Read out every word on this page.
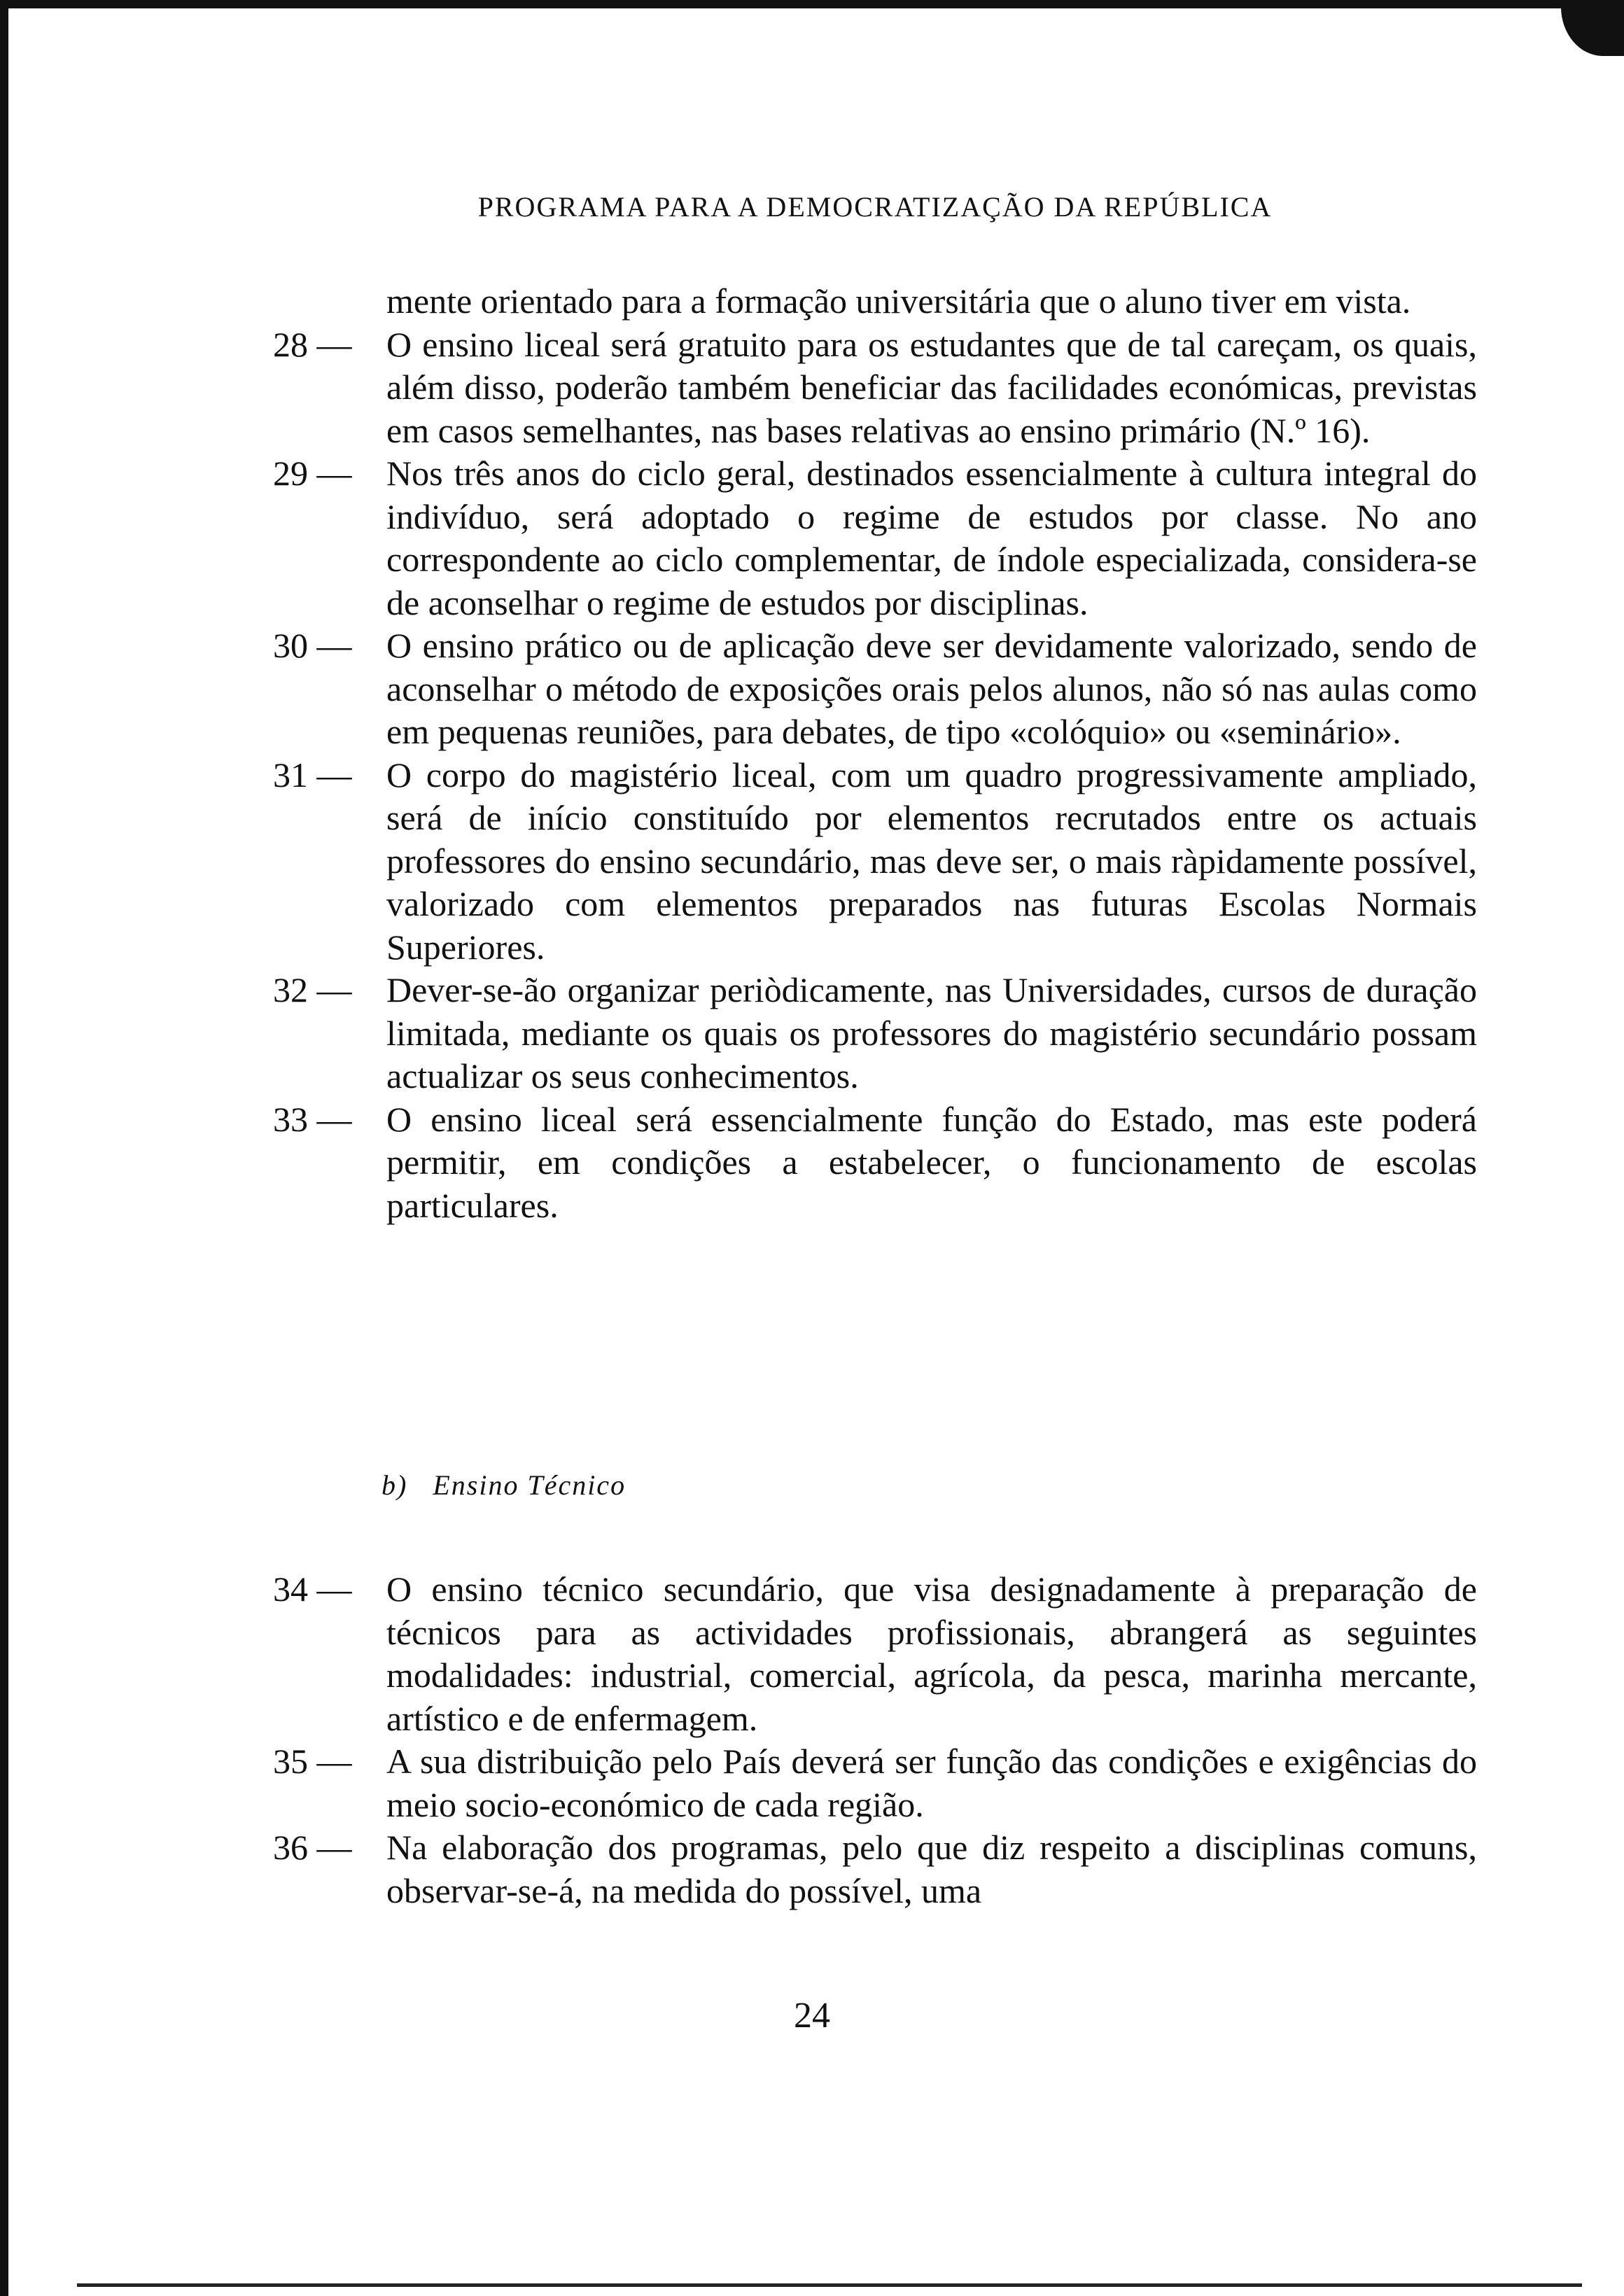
PROGRAMA PARA A DEMOCRATIZAÇÃO DA REPÚBLICA
mente orientado para a formação universitária que o aluno tiver em vista.
28 — O ensino liceal será gratuito para os estudantes que de tal careçam, os quais, além disso, poderão também beneficiar das facilidades económicas, previstas em casos semelhantes, nas bases relativas ao ensino primário (N.º 16).
29 — Nos três anos do ciclo geral, destinados essencialmente à cultura integral do indivíduo, será adoptado o regime de estudos por classe. No ano correspondente ao ciclo complementar, de índole especializada, considera-se de aconselhar o regime de estudos por disciplinas.
30 — O ensino prático ou de aplicação deve ser devidamente valorizado, sendo de aconselhar o método de exposições orais pelos alunos, não só nas aulas como em pequenas reuniões, para debates, de tipo «colóquio» ou «seminário».
31 — O corpo do magistério liceal, com um quadro progressivamente ampliado, será de início constituído por elementos recrutados entre os actuais professores do ensino secundário, mas deve ser, o mais ràpidamente possível, valorizado com elementos preparados nas futuras Escolas Normais Superiores.
32 — Dever-se-ão organizar periòdicamente, nas Universidades, cursos de duração limitada, mediante os quais os professores do magistério secundário possam actualizar os seus conhecimentos.
33 — O ensino liceal será essencialmente função do Estado, mas este poderá permitir, em condições a estabelecer, o funcionamento de escolas particulares.
b) Ensino Técnico
34 — O ensino técnico secundário, que visa designadamente à preparação de técnicos para as actividades profissionais, abrangerá as seguintes modalidades: industrial, comercial, agrícola, da pesca, marinha mercante, artístico e de enfermagem.
35 — A sua distribuição pelo País deverá ser função das condições e exigências do meio socio-económico de cada região.
36 — Na elaboração dos programas, pelo que diz respeito a disciplinas comuns, observar-se-á, na medida do possível, uma
24
